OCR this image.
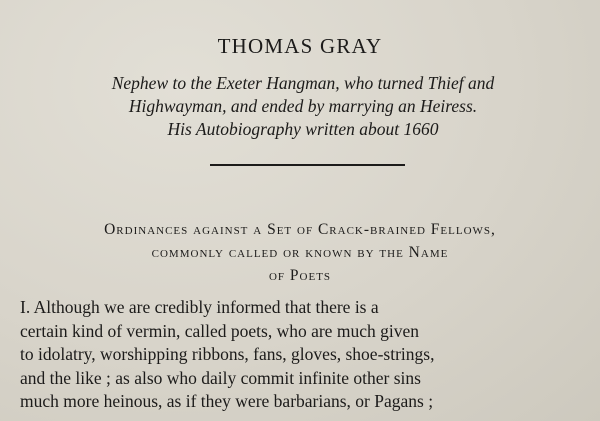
THOMAS GRAY
Nephew to the Exeter Hangman, who turned Thief and
Highwayman, and ended by marrying an Heiress.
His Autobiography written about 1660
Ordinances against a Set of Crack-brained Fellows,
commonly called or known by the Name
of Poets
I. Although we are credibly informed that there is a
certain kind of vermin, called poets, who are much given
to idolatry, worshipping ribbons, fans, gloves, shoe-strings,
and the like ; as also who daily commit infinite other sins
much more heinous, as if they were barbarians, or Pagans ;
